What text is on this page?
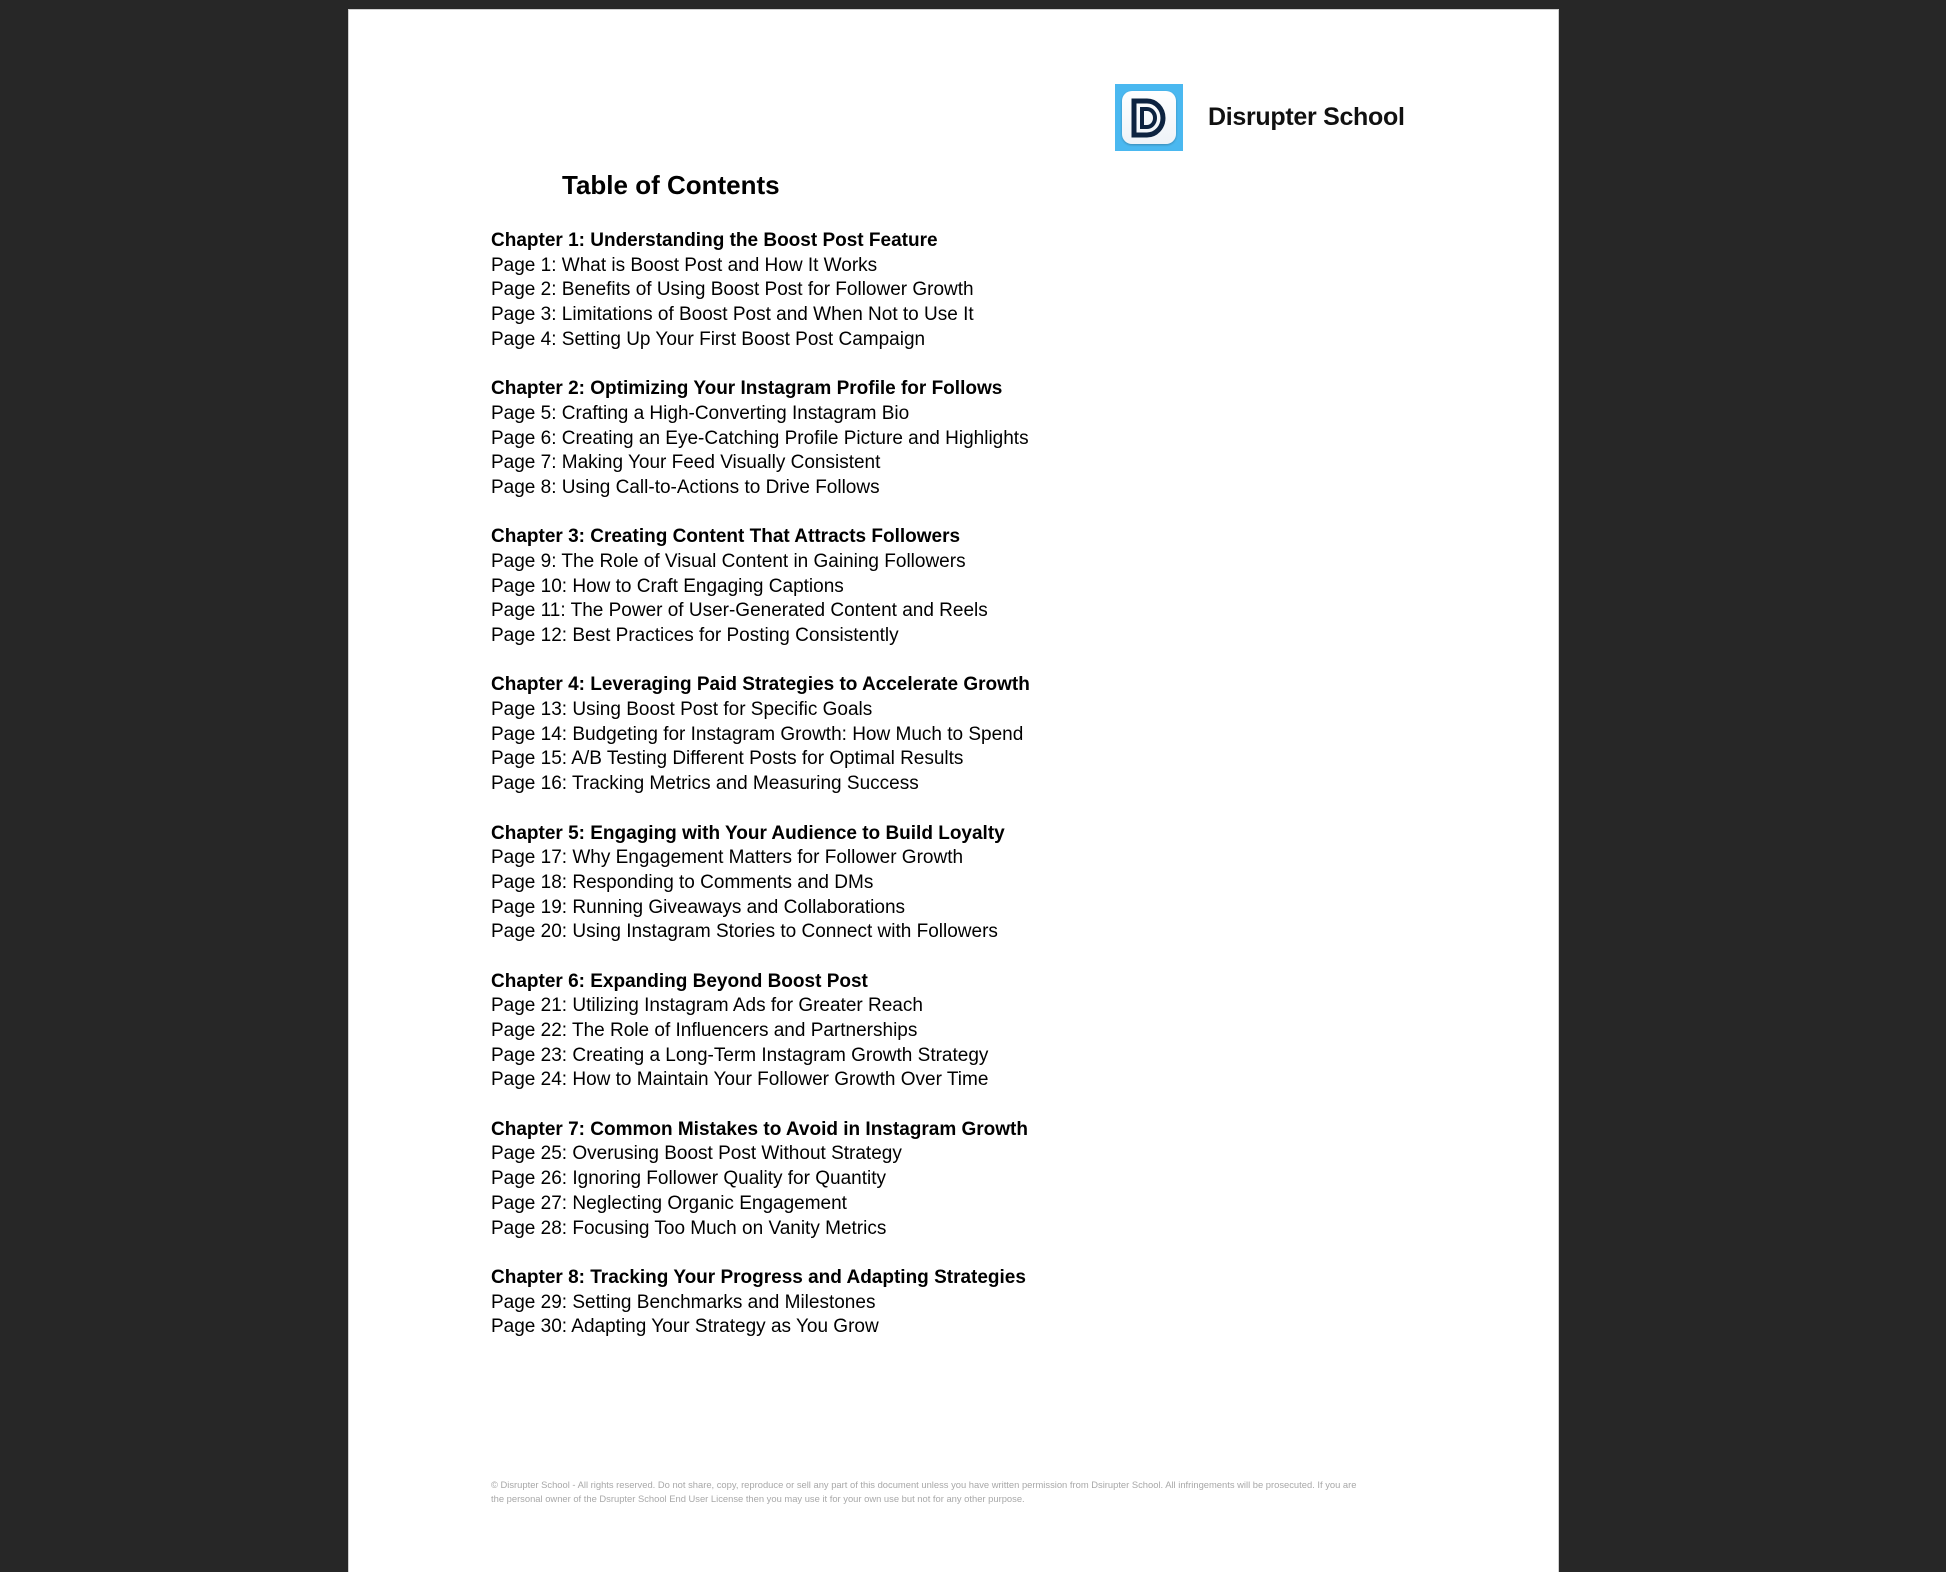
Disrupter School
Table of Contents
Chapter 1: Understanding the Boost Post Feature
Page 1: What is Boost Post and How It Works
Page 2: Benefits of Using Boost Post for Follower Growth
Page 3: Limitations of Boost Post and When Not to Use It
Page 4: Setting Up Your First Boost Post Campaign
Chapter 2: Optimizing Your Instagram Profile for Follows
Page 5: Crafting a High-Converting Instagram Bio
Page 6: Creating an Eye-Catching Profile Picture and Highlights
Page 7: Making Your Feed Visually Consistent
Page 8: Using Call-to-Actions to Drive Follows
Chapter 3: Creating Content That Attracts Followers
Page 9: The Role of Visual Content in Gaining Followers
Page 10: How to Craft Engaging Captions
Page 11: The Power of User-Generated Content and Reels
Page 12: Best Practices for Posting Consistently
Chapter 4: Leveraging Paid Strategies to Accelerate Growth
Page 13: Using Boost Post for Specific Goals
Page 14: Budgeting for Instagram Growth: How Much to Spend
Page 15: A/B Testing Different Posts for Optimal Results
Page 16: Tracking Metrics and Measuring Success
Chapter 5: Engaging with Your Audience to Build Loyalty
Page 17: Why Engagement Matters for Follower Growth
Page 18: Responding to Comments and DMs
Page 19: Running Giveaways and Collaborations
Page 20: Using Instagram Stories to Connect with Followers
Chapter 6: Expanding Beyond Boost Post
Page 21: Utilizing Instagram Ads for Greater Reach
Page 22: The Role of Influencers and Partnerships
Page 23: Creating a Long-Term Instagram Growth Strategy
Page 24: How to Maintain Your Follower Growth Over Time
Chapter 7: Common Mistakes to Avoid in Instagram Growth
Page 25: Overusing Boost Post Without Strategy
Page 26: Ignoring Follower Quality for Quantity
Page 27: Neglecting Organic Engagement
Page 28: Focusing Too Much on Vanity Metrics
Chapter 8: Tracking Your Progress and Adapting Strategies
Page 29: Setting Benchmarks and Milestones
Page 30: Adapting Your Strategy as You Grow
© Disrupter School - All rights reserved. Do not share, copy, reproduce or sell any part of this document unless you have written permission from Dsirupter School. All infringements will be prosecuted. If you are
the personal owner of the Dsrupter School End User License then you may use it for your own use but not for any other purpose.
